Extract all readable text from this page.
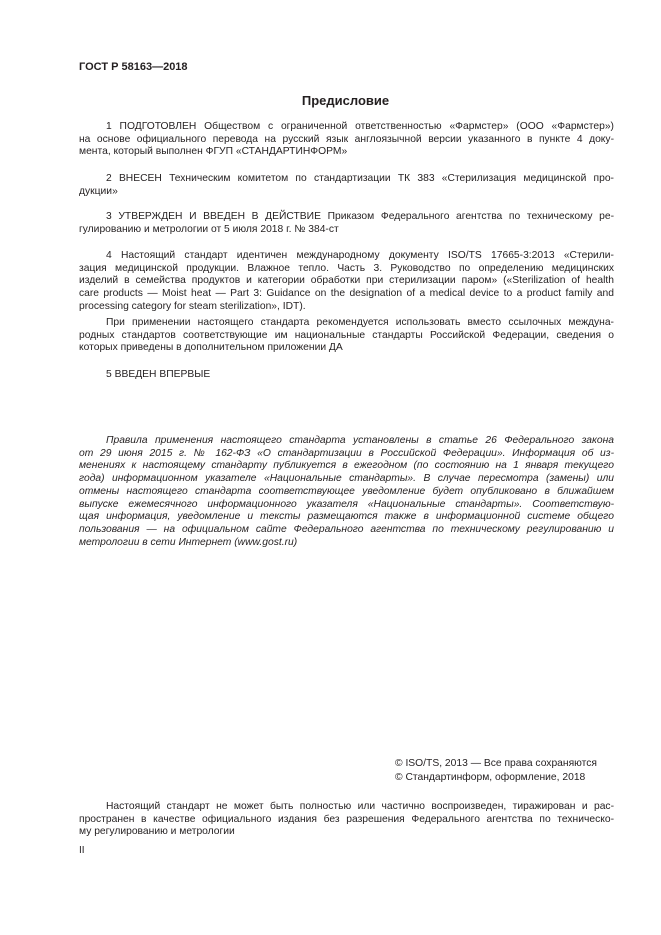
ГОСТ Р 58163—2018
Предисловие
1 ПОДГОТОВЛЕН Обществом с ограниченной ответственностью «Фармстер» (ООО «Фармстер»)
на основе официального перевода на русский язык англоязычной версии указанного в пункте 4 доку-
мента, который выполнен ФГУП «СТАНДАРТИНФОРМ»
2 ВНЕСЕН Техническим комитетом по стандартизации ТК 383 «Стерилизация медицинской про-
дукции»
3 УТВЕРЖДЕН И ВВЕДЕН В ДЕЙСТВИЕ Приказом Федерального агентства по техническому ре-
гулированию и метрологии от 5 июля 2018 г. № 384-ст
4 Настоящий стандарт идентичен международному документу ISO/TS 17665-3:2013 «Стерили-
зация медицинской продукции. Влажное тепло. Часть 3. Руководство по определению медицинских
изделий в семейства продуктов и категории обработки при стерилизации паром» («Sterilization of health
care products — Moist heat — Part 3: Guidance on the designation of a medical device to a product family and
processing category for steam sterilization», IDT).
При применении настоящего стандарта рекомендуется использовать вместо ссылочных междуна-
родных стандартов соответствующие им национальные стандарты Российской Федерации, сведения о
которых приведены в дополнительном приложении ДА
5 ВВЕДЕН ВПЕРВЫЕ
Правила применения настоящего стандарта установлены в статье 26 Федерального закона
от 29 июня 2015 г. № 162-ФЗ «О стандартизации в Российской Федерации». Информация об из-
менениях к настоящему стандарту публикуется в ежегодном (по состоянию на 1 января текущего
года) информационном указателе «Национальные стандарты». В случае пересмотра (замены) или
отмены настоящего стандарта соответствующее уведомление будет опубликовано в ближайшем
выпуске ежемесячного информационного указателя «Национальные стандарты». Соответствую-
щая информация, уведомление и тексты размещаются также в информационной системе общего
пользования — на официальном сайте Федерального агентства по техническому регулированию и
метрологии в сети Интернет (www.gost.ru)
© ISO/TS, 2013 — Все права сохраняются
© Стандартинформ, оформление, 2018
Настоящий стандарт не может быть полностью или частично воспроизведен, тиражирован и рас-
пространен в качестве официального издания без разрешения Федерального агентства по техническо-
му регулированию и метрологии
II
